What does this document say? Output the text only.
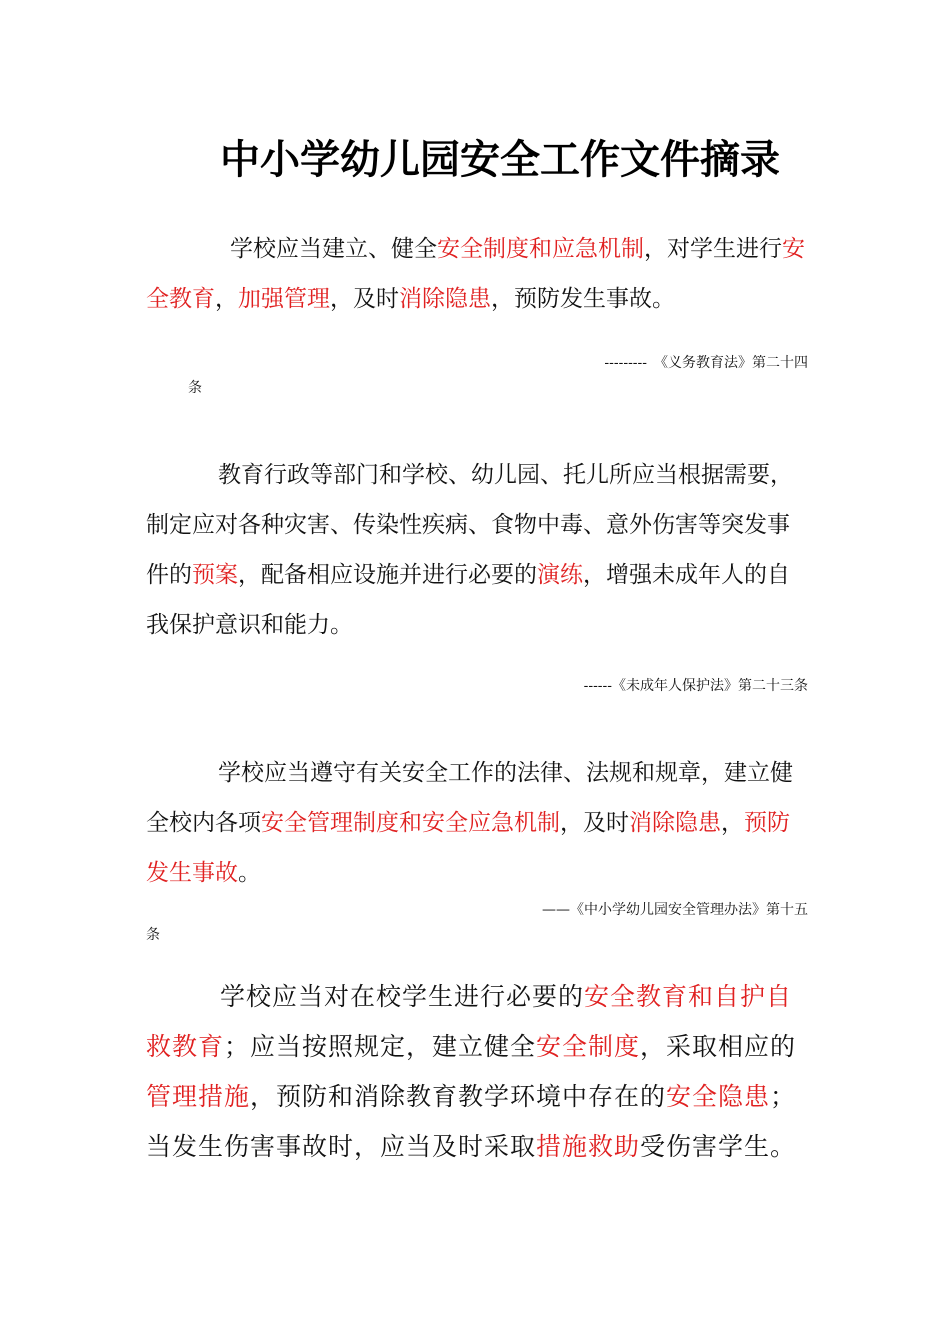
中小学幼儿园安全工作文件摘录

学校应当建立、健全安全制度和应急机制，对学生进行安全教育，加强管理，及时消除隐患，预防发生事故。

---------　《义务教育法》第二十四

条

教育行政等部门和学校、幼儿园、托儿所应当根据需要，制定应对各种灾害、传染性疾病、食物中毒、意外伤害等突发事件的预案，配备相应设施并进行必要的演练，增强未成年人的自我保护意识和能力。

------《未成年人保护法》第二十三条

学校应当遵守有关安全工作的法律、法规和规章，建立健全校内各项安全管理制度和安全应急机制，及时消除隐患，预防发生事故。

——《中小学幼儿园安全管理办法》第十五

条

学校应当对在校学生进行必要的安全教育和自护自救教育；应当按照规定，建立健全安全制度，采取相应的管理措施，预防和消除教育教学环境中存在的安全隐患；当发生伤害事故时，应当及时采取措施救助受伤害学生。
